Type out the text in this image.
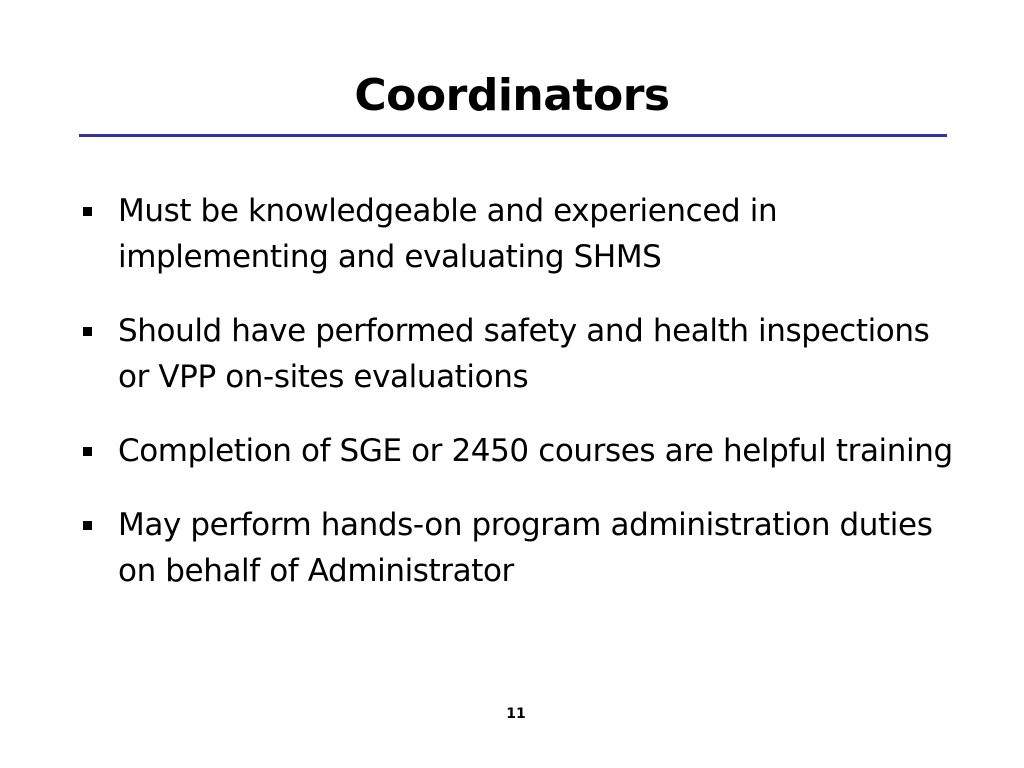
Coordinators
Must be knowledgeable and experienced in implementing and evaluating SHMS
Should have performed safety and health inspections or VPP on-sites evaluations
Completion of SGE or 2450 courses are helpful training
May perform hands-on program administration duties on behalf of Administrator
11
